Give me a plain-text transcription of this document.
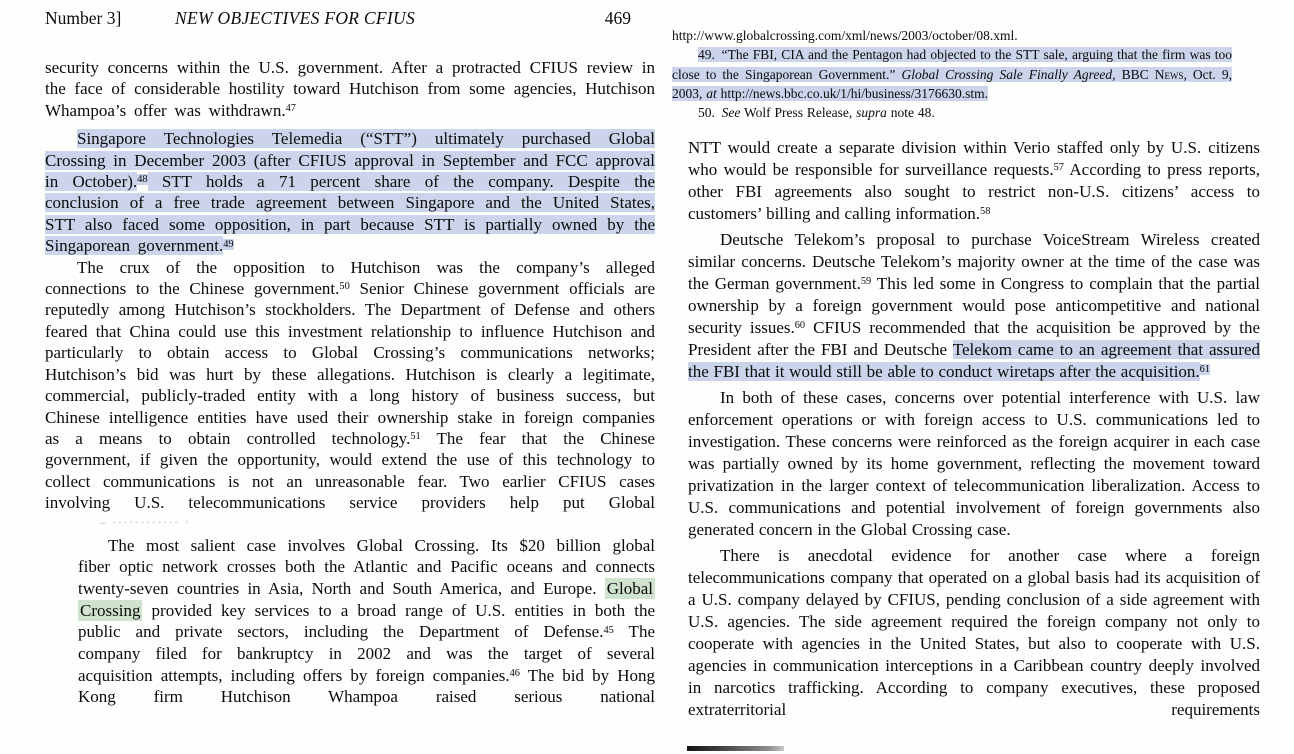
Number 3]	NEW OBJECTIVES FOR CFIUS	469

security concerns within the U.S. government. After a protracted CFIUS review in the face of considerable hostility toward Hutchison from some agencies, Hutchison Whampoa’s offer was withdrawn.$^{47}$

Singapore Technologies Telemedia (“STT”) ultimately purchased Global Crossing in December 2003 (after CFIUS approval in September and FCC approval in October).$^{48}$ STT holds a 71 percent share of the company. Despite the conclusion of a free trade agreement between Singapore and the United States, STT also faced some opposition, in part because STT is partially owned by the Singaporean government.$^{49}$

The crux of the opposition to Hutchison was the company’s alleged connections to the Chinese government.$^{50}$ Senior Chinese government officials are reputedly among Hutchison’s stockholders. The Department of Defense and others feared that China could use this investment relationship to influence Hutchison and particularly to obtain access to Global Crossing’s communications networks; Hutchison’s bid was hurt by these allegations. Hutchison is clearly a legitimate, commercial, publicly-traded entity with a long history of business success, but Chinese intelligence entities have used their ownership stake in foreign companies as a means to obtain controlled technology.$^{51}$ The fear that the Chinese government, if given the opportunity, would extend the use of this technology to collect communications is not an unreasonable fear. Two earlier CFIUS cases involving U.S. telecommunications service providers help put Global

– ············ ·

The most salient case involves Global Crossing. Its $20 billion global fiber optic network crosses both the Atlantic and Pacific oceans and connects twenty-seven countries in Asia, North and South America, and Europe. Global Crossing provided key services to a broad range of U.S. entities in both the public and private sectors, including the Department of Defense.$^{45}$ The company filed for bankruptcy in 2002 and was the target of several acquisition attempts, including offers by foreign companies.$^{46}$ The bid by Hong Kong firm Hutchison Whampoa raised serious national

http://www.globalcrossing.com/xml/news/2003/october/08.xml.

49. “The FBI, CIA and the Pentagon had objected to the STT sale, arguing that the firm was too close to the Singaporean Government.” Global Crossing Sale Finally Agreed, BBC News, Oct. 9, 2003, at http://news.bbc.co.uk/1/hi/business/3176630.stm.

50. See Wolf Press Release, supra note 48.

NTT would create a separate division within Verio staffed only by U.S. citizens who would be responsible for surveillance requests.$^{57}$ According to press reports, other FBI agreements also sought to restrict non-U.S. citizens’ access to customers’ billing and calling information.$^{58}$

Deutsche Telekom’s proposal to purchase VoiceStream Wireless created similar concerns. Deutsche Telekom’s majority owner at the time of the case was the German government.$^{59}$ This led some in Congress to complain that the partial ownership by a foreign government would pose anticompetitive and national security issues.$^{60}$ CFIUS recommended that the acquisition be approved by the President after the FBI and Deutsche Telekom came to an agreement that assured the FBI that it would still be able to conduct wiretaps after the acquisition.$^{61}$

In both of these cases, concerns over potential interference with U.S. law enforcement operations or with foreign access to U.S. communications led to investigation. These concerns were reinforced as the foreign acquirer in each case was partially owned by its home government, reflecting the movement toward privatization in the larger context of telecommunication liberalization. Access to U.S. communications and potential involvement of foreign governments also generated concern in the Global Crossing case.

There is anecdotal evidence for another case where a foreign telecommunications company that operated on a global basis had its acquisition of a U.S. company delayed by CFIUS, pending conclusion of a side agreement with U.S. agencies. The side agreement required the foreign company not only to cooperate with agencies in the United States, but also to cooperate with U.S. agencies in communication interceptions in a Caribbean country deeply involved in narcotics trafficking. According to company executives, these proposed extraterritorial requirements
